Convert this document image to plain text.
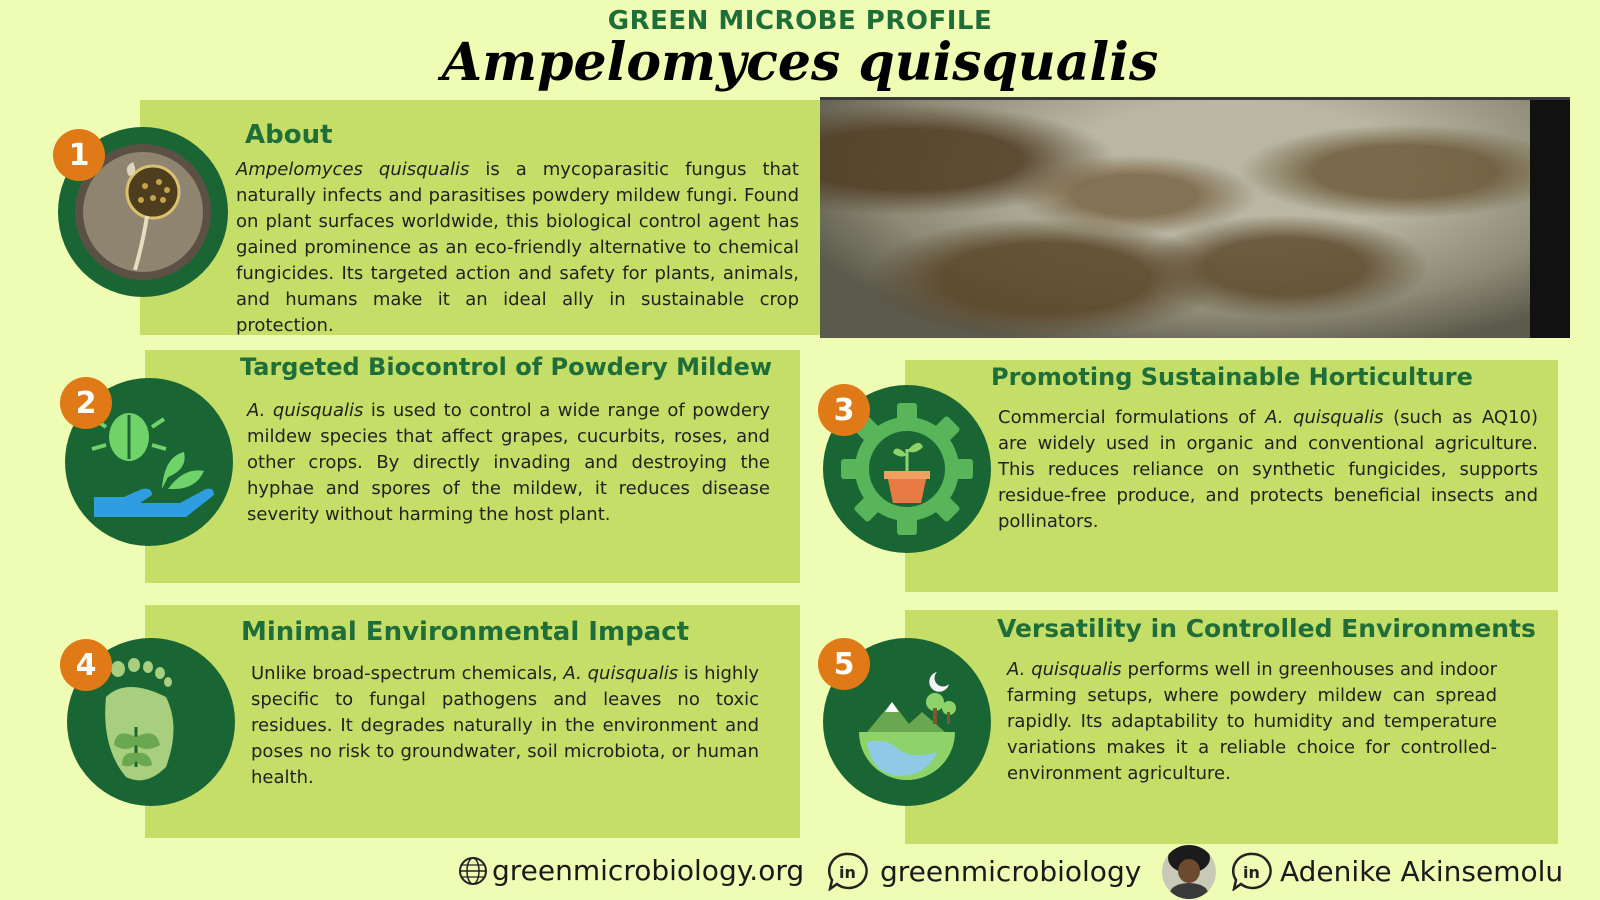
GREEN MICROBE PROFILE
Ampelomyces quisqualis
1
About
Ampelomyces quisqualis is a mycoparasitic fungus that naturally infects and parasitises powdery mildew fungi. Found on plant surfaces worldwide, this biological control agent has gained prominence as an eco-friendly alternative to chemical fungicides. Its targeted action and safety for plants, animals, and humans make it an ideal ally in sustainable crop protection.
2
Targeted Biocontrol of Powdery Mildew
A. quisqualis is used to control a wide range of powdery mildew species that affect grapes, cucurbits, roses, and other crops. By directly invading and destroying the hyphae and spores of the mildew, it reduces disease severity without harming the host plant.
3
Promoting Sustainable Horticulture
Commercial formulations of A. quisqualis (such as AQ10) are widely used in organic and conventional agriculture. This reduces reliance on synthetic fungicides, supports residue-free produce, and protects beneficial insects and pollinators.
4
Minimal Environmental Impact
Unlike broad-spectrum chemicals, A. quisqualis is highly specific to fungal pathogens and leaves no toxic residues. It degrades naturally in the environment and poses no risk to groundwater, soil microbiota, or human health.
5
Versatility in Controlled Environments
A. quisqualis performs well in greenhouses and indoor farming setups, where powdery mildew can spread rapidly. Its adaptability to humidity and temperature variations makes it a reliable choice for controlled-environment agriculture.
greenmicrobiology.org in greenmicrobiology	in Adenike Akinsemolu
